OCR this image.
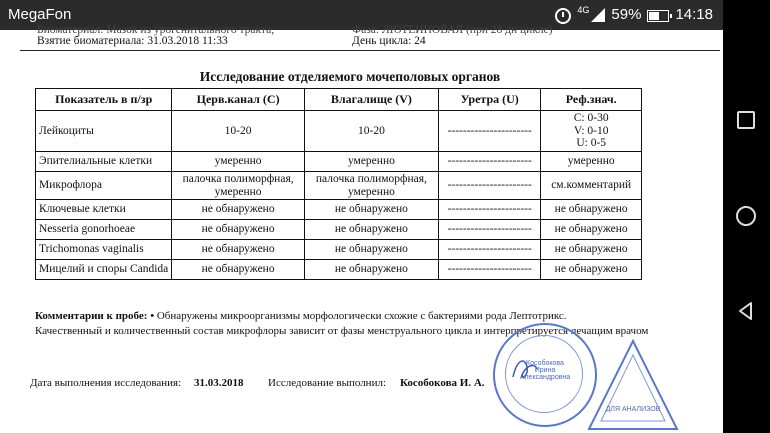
MegaFon	4G 59% 14:18
Биоматериал: Мазок из урогенитального тракта,	Фаза: ЛЮТЕИНОВАЯ (при 28 дн цикле)
Взятие биоматериала: 31.03.2018 11:33	День цикла: 24
Исследование отделяемого мочеполовых органов
Показатель в п/зр	Церв.канал (C)	Влагалище (V)	Уретра (U)	Реф.знач.
Лейкоциты	10-20	10-20	----------------------	C: 0-30
V: 0-10
U: 0-5
Эпителиальные клетки	умеренно	умеренно	----------------------	умеренно
Микрофлора	палочка полиморфная, умеренно	палочка полиморфная, умеренно	----------------------	см.комментарий
Ключевые клетки	не обнаружено	не обнаружено	----------------------	не обнаружено
Nesseria gonorhoeae	не обнаружено	не обнаружено	----------------------	не обнаружено
Trichomonas vaginalis	не обнаружено	не обнаружено	----------------------	не обнаружено
Мицелий и споры Candida	не обнаружено	не обнаружено	----------------------	не обнаружено
Комментарии к пробе: • Обнаружены микроорганизмы морфологически схожие с бактериями рода Лептотрикс.
Качественный и количественный состав микрофлоры зависит от фазы менструального цикла и интерпретируется лечащим врачом
Дата выполнения исследования: 31.03.2018 Исследование выполнил: Кособокова И. А.
Кособокова Ирина Александровна
ДЛЯ АНАЛИЗОВ
